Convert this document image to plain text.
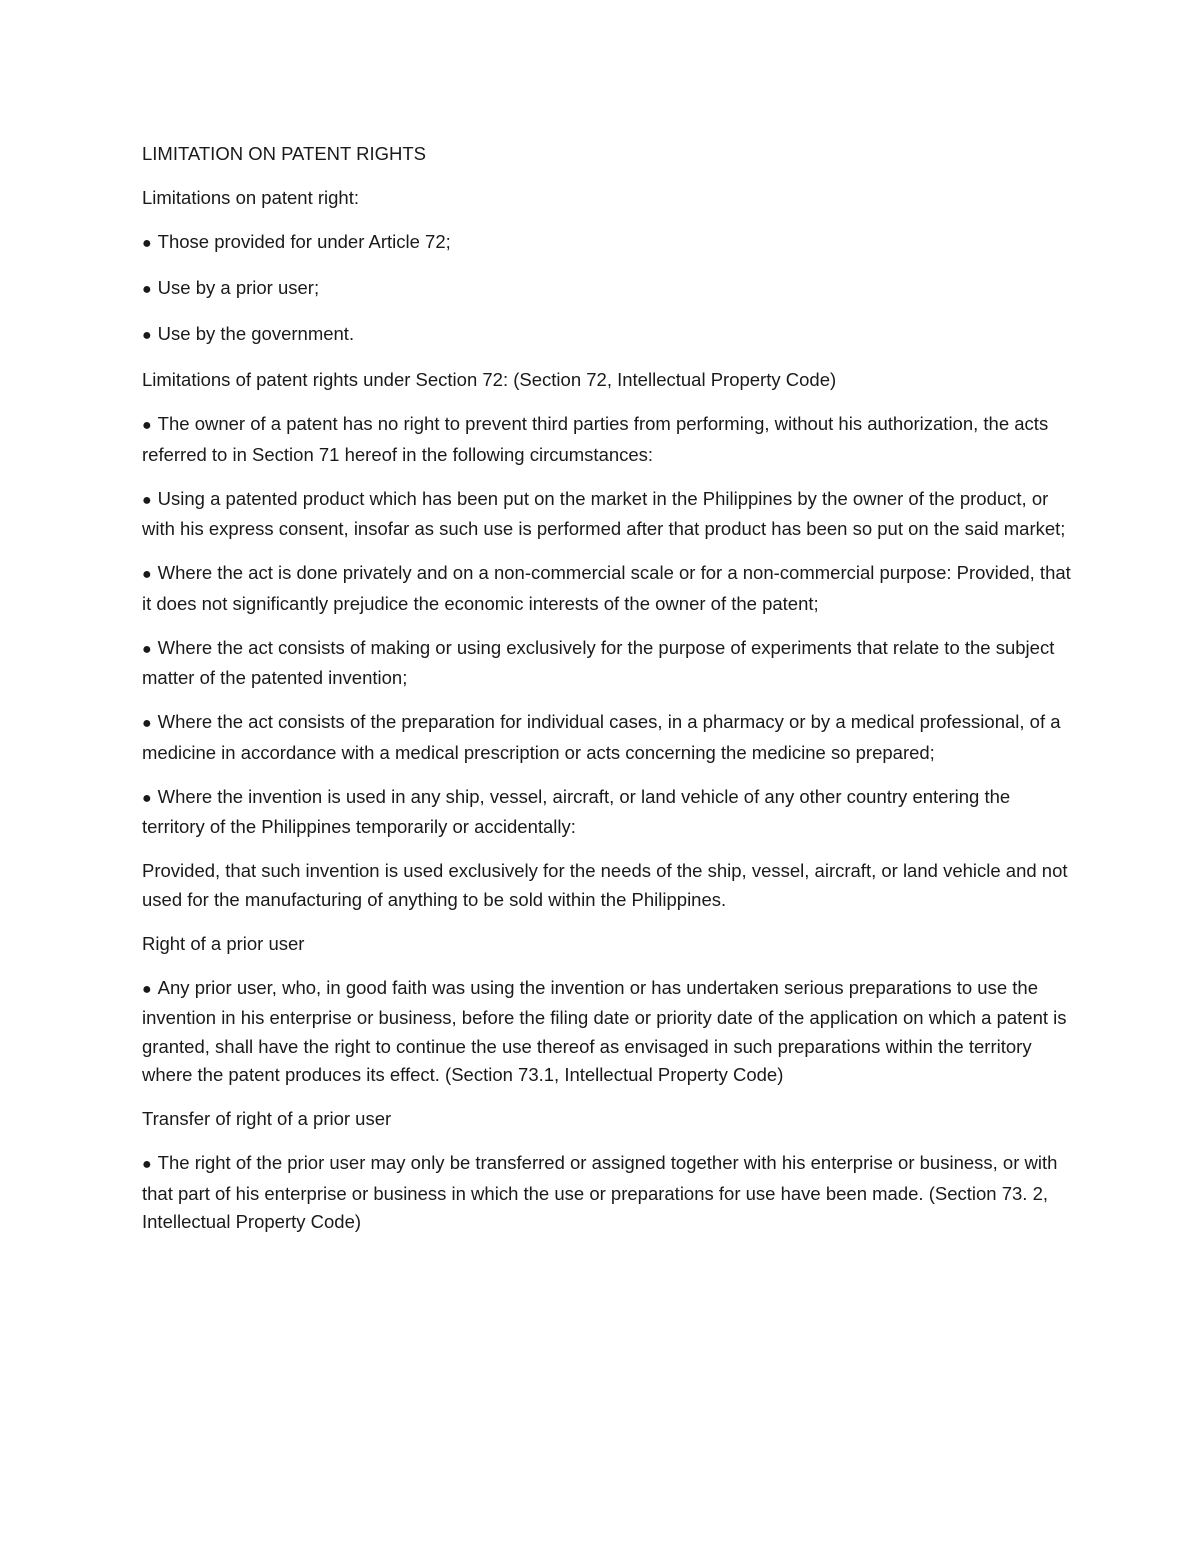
LIMITATION ON PATENT RIGHTS

Limitations on patent right:

● Those provided for under Article 72;

● Use by a prior user;

● Use by the government.

Limitations of patent rights under Section 72: (Section 72, Intellectual Property Code)

● The owner of a patent has no right to prevent third parties from performing, without his authorization, the acts referred to in Section 71 hereof in the following circumstances:

● Using a patented product which has been put on the market in the Philippines by the owner of the product, or with his express consent, insofar as such use is performed after that product has been so put on the said market;

● Where the act is done privately and on a non-commercial scale or for a non-commercial purpose: Provided, that it does not significantly prejudice the economic interests of the owner of the patent;

● Where the act consists of making or using exclusively for the purpose of experiments that relate to the subject matter of the patented invention;

● Where the act consists of the preparation for individual cases, in a pharmacy or by a medical professional, of a medicine in accordance with a medical prescription or acts concerning the medicine so prepared;

● Where the invention is used in any ship, vessel, aircraft, or land vehicle of any other country entering the territory of the Philippines temporarily or accidentally:

Provided, that such invention is used exclusively for the needs of the ship, vessel, aircraft, or land vehicle and not used for the manufacturing of anything to be sold within the Philippines.

Right of a prior user

● Any prior user, who, in good faith was using the invention or has undertaken serious preparations to use the invention in his enterprise or business, before the filing date or priority date of the application on which a patent is granted, shall have the right to continue the use thereof as envisaged in such preparations within the territory where the patent produces its effect. (Section 73.1, Intellectual Property Code)

Transfer of right of a prior user

● The right of the prior user may only be transferred or assigned together with his enterprise or business, or with that part of his enterprise or business in which the use or preparations for use have been made. (Section 73. 2, Intellectual Property Code)
